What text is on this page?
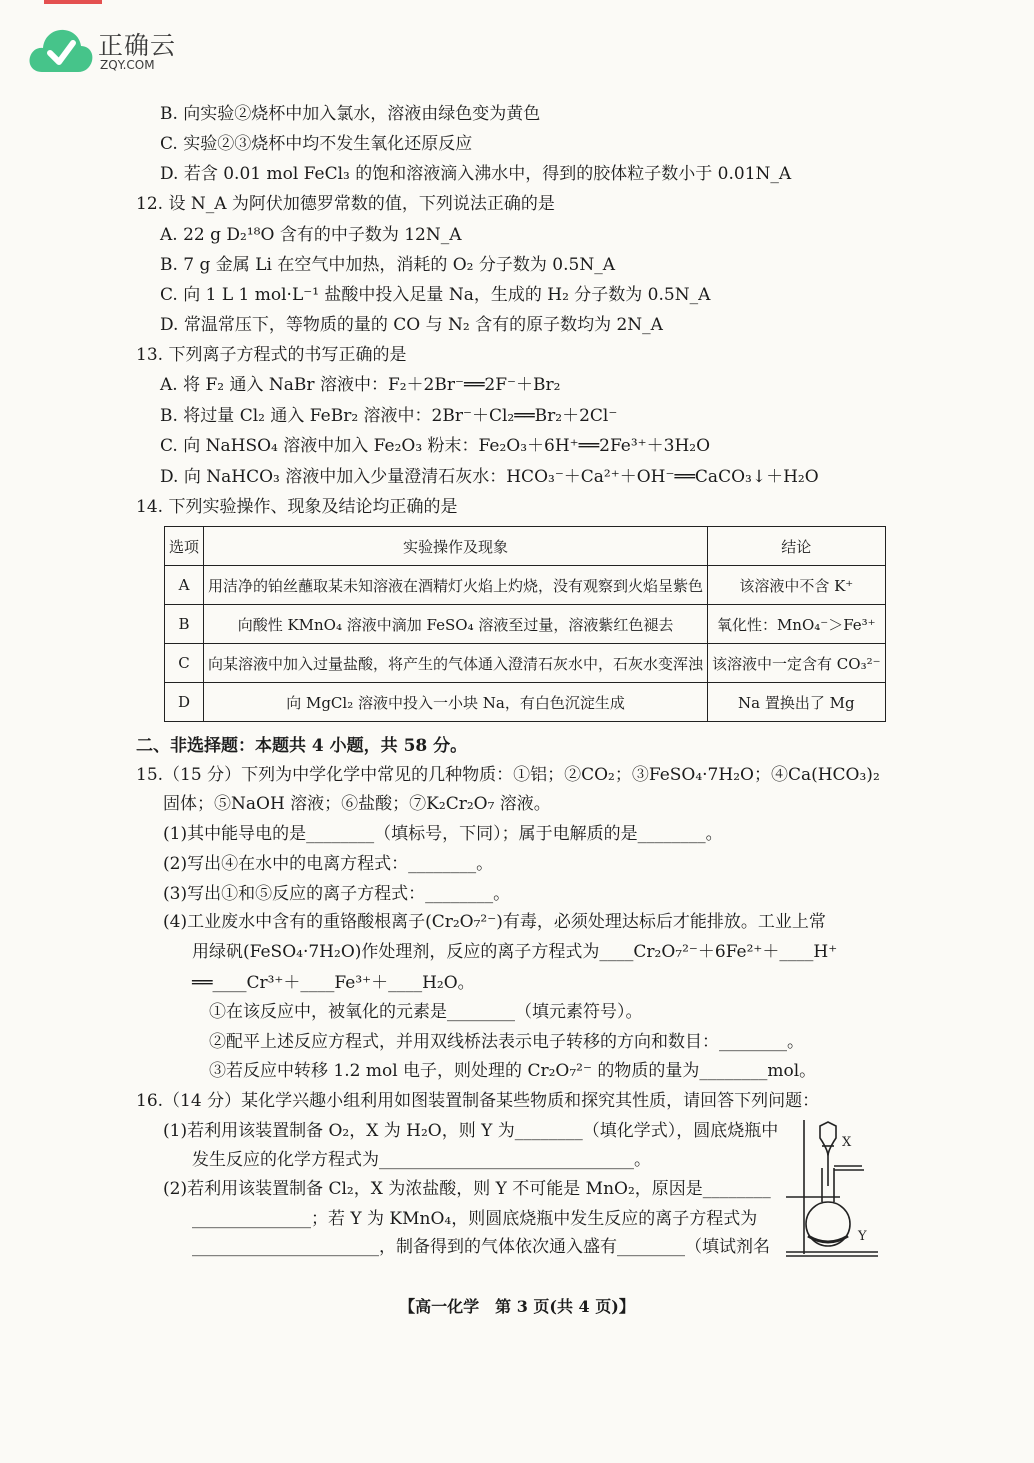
正确云
ZQY.COM
B. 向实验②烧杯中加入氯水，溶液由绿色变为黄色
C. 实验②③烧杯中均不发生氧化还原反应
D. 若含 0.01 mol FeCl₃ 的饱和溶液滴入沸水中，得到的胶体粒子数小于 0.01N_A
12. 设 N_A 为阿伏加德罗常数的值，下列说法正确的是
A. 22 g D₂¹⁸O 含有的中子数为 12N_A
B. 7 g 金属 Li 在空气中加热，消耗的 O₂ 分子数为 0.5N_A
C. 向 1 L 1 mol·L⁻¹ 盐酸中投入足量 Na，生成的 H₂ 分子数为 0.5N_A
D. 常温常压下，等物质的量的 CO 与 N₂ 含有的原子数均为 2N_A
13. 下列离子方程式的书写正确的是
A. 将 F₂ 通入 NaBr 溶液中：F₂＋2Br⁻══2F⁻＋Br₂
B. 将过量 Cl₂ 通入 FeBr₂ 溶液中：2Br⁻＋Cl₂══Br₂＋2Cl⁻
C. 向 NaHSO₄ 溶液中加入 Fe₂O₃ 粉末：Fe₂O₃＋6H⁺══2Fe³⁺＋3H₂O
D. 向 NaHCO₃ 溶液中加入少量澄清石灰水：HCO₃⁻＋Ca²⁺＋OH⁻══CaCO₃↓＋H₂O
14. 下列实验操作、现象及结论均正确的是
选项	实验操作及现象	结论
A	用洁净的铂丝蘸取某未知溶液在酒精灯火焰上灼烧，没有观察到火焰呈紫色	该溶液中不含 K⁺
B	向酸性 KMnO₄ 溶液中滴加 FeSO₄ 溶液至过量，溶液紫红色褪去	氧化性：MnO₄⁻＞Fe³⁺
C	向某溶液中加入过量盐酸，将产生的气体通入澄清石灰水中，石灰水变浑浊	该溶液中一定含有 CO₃²⁻
D	向 MgCl₂ 溶液中投入一小块 Na，有白色沉淀生成	Na 置换出了 Mg
二、非选择题：本题共 4 小题，共 58 分。
15.（15 分）下列为中学化学中常见的几种物质：①铝；②CO₂；③FeSO₄·7H₂O；④Ca(HCO₃)₂
固体；⑤NaOH 溶液；⑥盐酸；⑦K₂Cr₂O₇ 溶液。
(1)其中能导电的是________（填标号，下同）；属于电解质的是________。
(2)写出④在水中的电离方程式：________。
(3)写出①和⑤反应的离子方程式：________。
(4)工业废水中含有的重铬酸根离子(Cr₂O₇²⁻)有毒，必须处理达标后才能排放。工业上常
用绿矾(FeSO₄·7H₂O)作处理剂，反应的离子方程式为____Cr₂O₇²⁻＋6Fe²⁺＋____H⁺
══____Cr³⁺＋____Fe³⁺＋____H₂O。
①在该反应中，被氧化的元素是________（填元素符号）。
②配平上述反应方程式，并用双线桥法表示电子转移的方向和数目：________。
③若反应中转移 1.2 mol 电子，则处理的 Cr₂O₇²⁻ 的物质的量为________mol。
16.（14 分）某化学兴趣小组利用如图装置制备某些物质和探究其性质，请回答下列问题：
(1)若利用该装置制备 O₂，X 为 H₂O，则 Y 为________（填化学式），圆底烧瓶中
发生反应的化学方程式为______________________________。
(2)若利用该装置制备 Cl₂，X 为浓盐酸，则 Y 不可能是 MnO₂，原因是________
______________；若 Y 为 KMnO₄，则圆底烧瓶中发生反应的离子方程式为
______________________，制备得到的气体依次通入盛有________（填试剂名
X
Y
【高一化学　第 3 页(共 4 页)】
